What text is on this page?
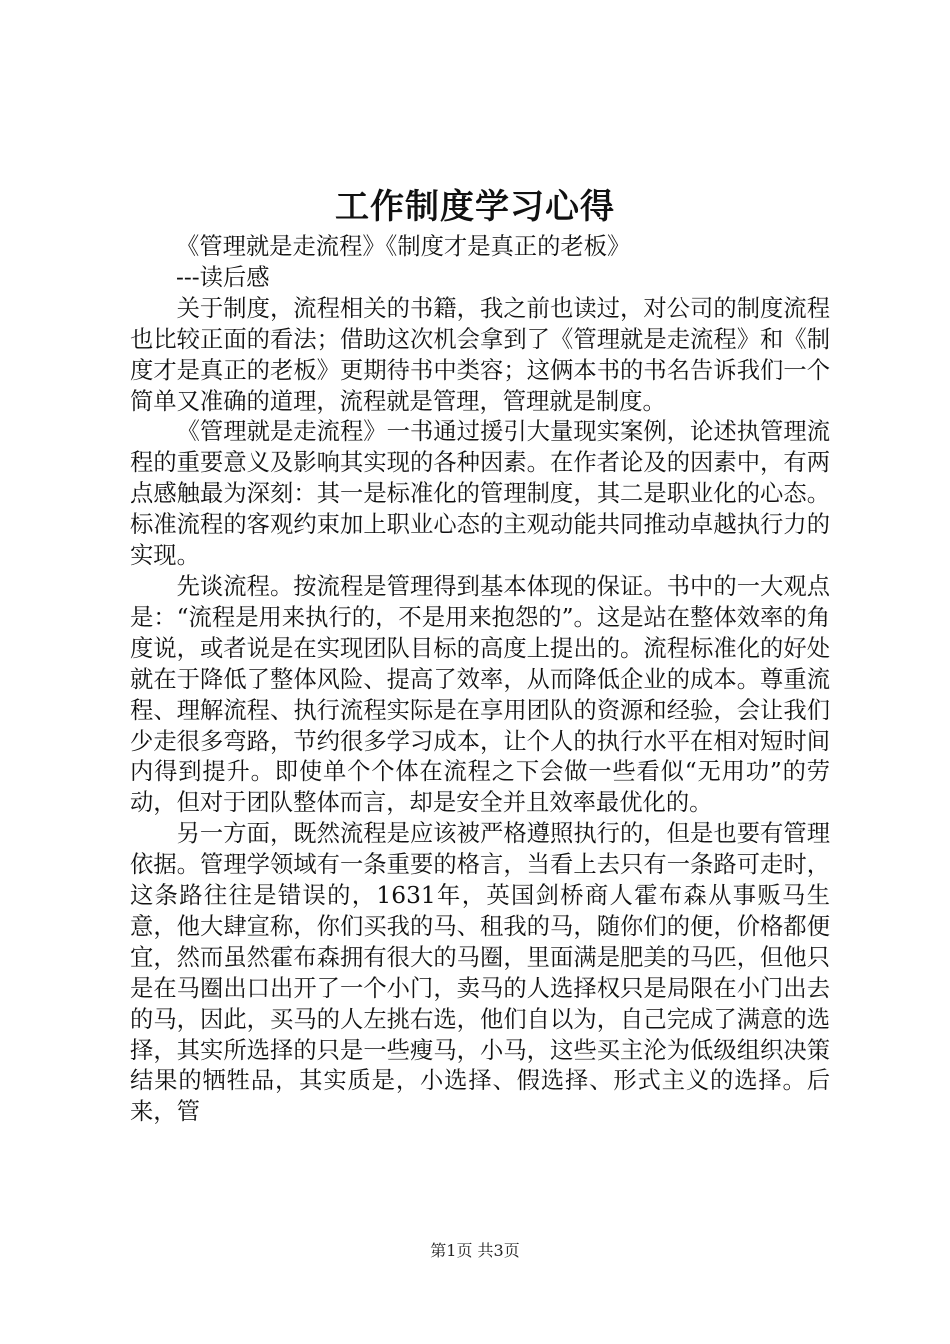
工作制度学习心得

《管理就是走流程》《制度才是真正的老板》

---读后感

关于制度，流程相关的书籍，我之前也读过，对公司的制度流程也比较正面的看法；借助这次机会拿到了《管理就是走流程》和《制度才是真正的老板》更期待书中类容；这俩本书的书名告诉我们一个简单又准确的道理，流程就是管理，管理就是制度。

《管理就是走流程》一书通过援引大量现实案例，论述执管理流程的重要意义及影响其实现的各种因素。在作者论及的因素中，有两点感触最为深刻：其一是标准化的管理制度，其二是职业化的心态。标准流程的客观约束加上职业心态的主观动能共同推动卓越执行力的实现。

先谈流程。按流程是管理得到基本体现的保证。书中的一大观点是：“流程是用来执行的，不是用来抱怨的”。这是站在整体效率的角度说，或者说是在实现团队目标的高度上提出的。流程标准化的好处就在于降低了整体风险、提高了效率，从而降低企业的成本。尊重流程、理解流程、执行流程实际是在享用团队的资源和经验，会让我们少走很多弯路，节约很多学习成本，让个人的执行水平在相对短时间内得到提升。即使单个个体在流程之下会做一些看似“无用功”的劳动，但对于团队整体而言，却是安全并且效率最优化的。

另一方面，既然流程是应该被严格遵照执行的，但是也要有管理依据。管理学领域有一条重要的格言，当看上去只有一条路可走时，这条路往往是错误的，1631年，英国剑桥商人霍布森从事贩马生意，他大肆宣称，你们买我的马、租我的马，随你们的便，价格都便宜，然而虽然霍布森拥有很大的马圈，里面满是肥美的马匹，但他只是在马圈出口出开了一个小门，卖马的人选择权只是局限在小门出去的马，因此，买马的人左挑右选，他们自以为，自己完成了满意的选择，其实所选择的只是一些瘦马，小马，这些买主沦为低级组织决策结果的牺牲品，其实质是，小选择、假选择、形式主义的选择。后来，管

第1页 共3页
